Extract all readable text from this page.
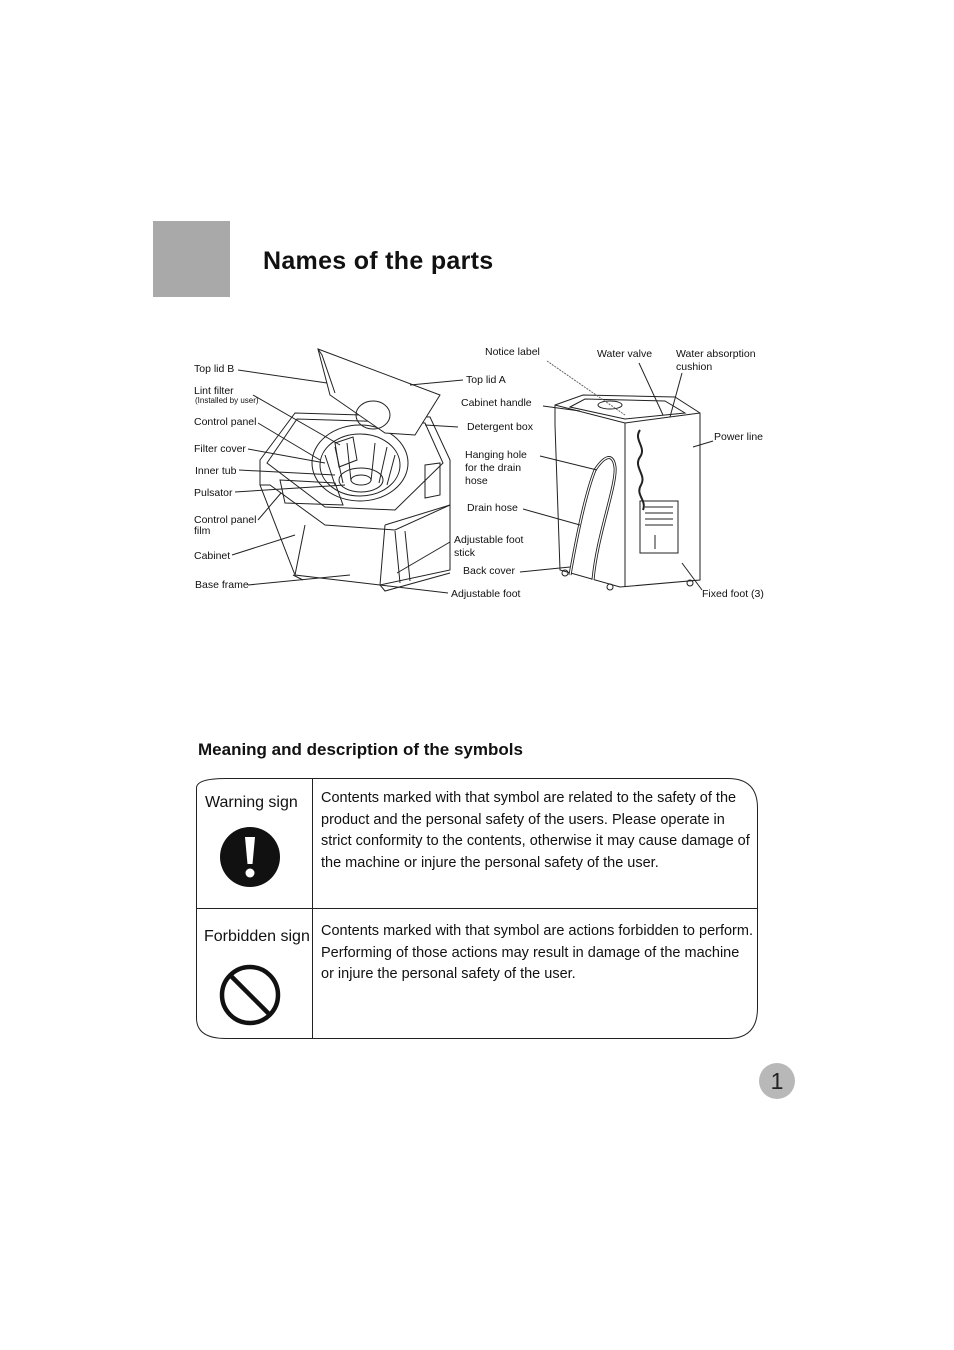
Names of the parts
Top lid B
Lint filter
(Installed by user)
Control panel
Filter cover
Inner tub
Pulsator
Control panel
film
Cabinet
Base frame
Top lid A
Notice label
Cabinet handle
Detergent box
Hanging hole
for the drain
hose
Drain hose
Adjustable foot
stick
Back cover
Adjustable foot
Water valve Water absorption
cushion
Power line
Fixed foot (3)
Meaning and description of the symbols
Warning sign Contents marked with that symbol are related to the safety of the product and the personal safety of the users. Please operate in strict conformity to the contents, otherwise it may cause damage of the machine or injure the personal safety of the user.
Forbidden sign Contents marked with that symbol are actions forbidden to perform. Performing of those actions may result in damage of the machine or injure the personal safety of the user.
1
